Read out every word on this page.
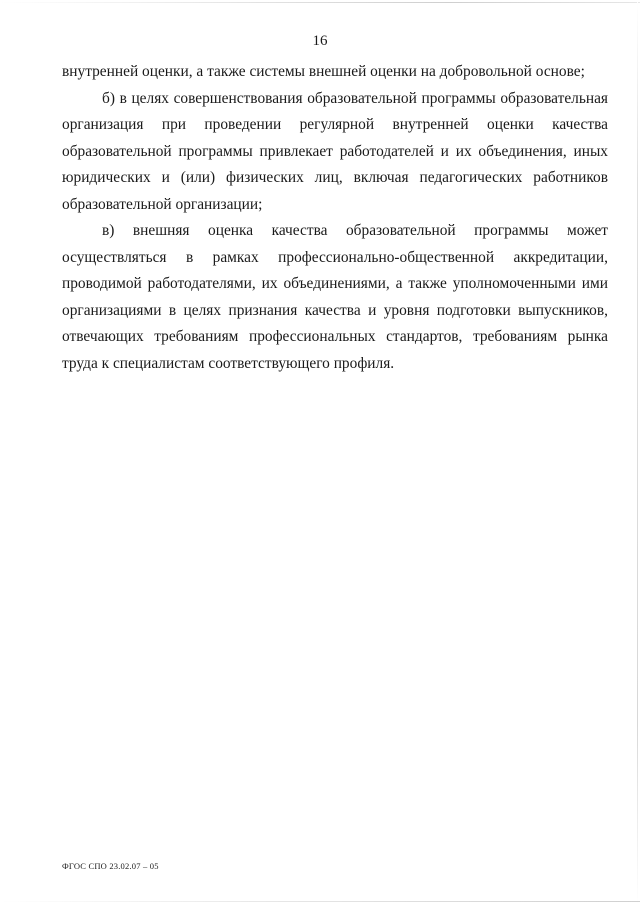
16

внутренней оценки, а также системы внешней оценки на добровольной основе;

б) в целях совершенствования образовательной программы образовательная организация при проведении регулярной внутренней оценки качества образовательной программы привлекает работодателей и их объединения, иных юридических и (или) физических лиц, включая педагогических работников образовательной организации;

в) внешняя оценка качества образовательной программы может осуществляться в рамках профессионально-общественной аккредитации, проводимой работодателями, их объединениями, а также уполномоченными ими организациями в целях признания качества и уровня подготовки выпускников, отвечающих требованиям профессиональных стандартов, требованиям рынка труда к специалистам соответствующего профиля.

ФГОС СПО 23.02.07 – 05
